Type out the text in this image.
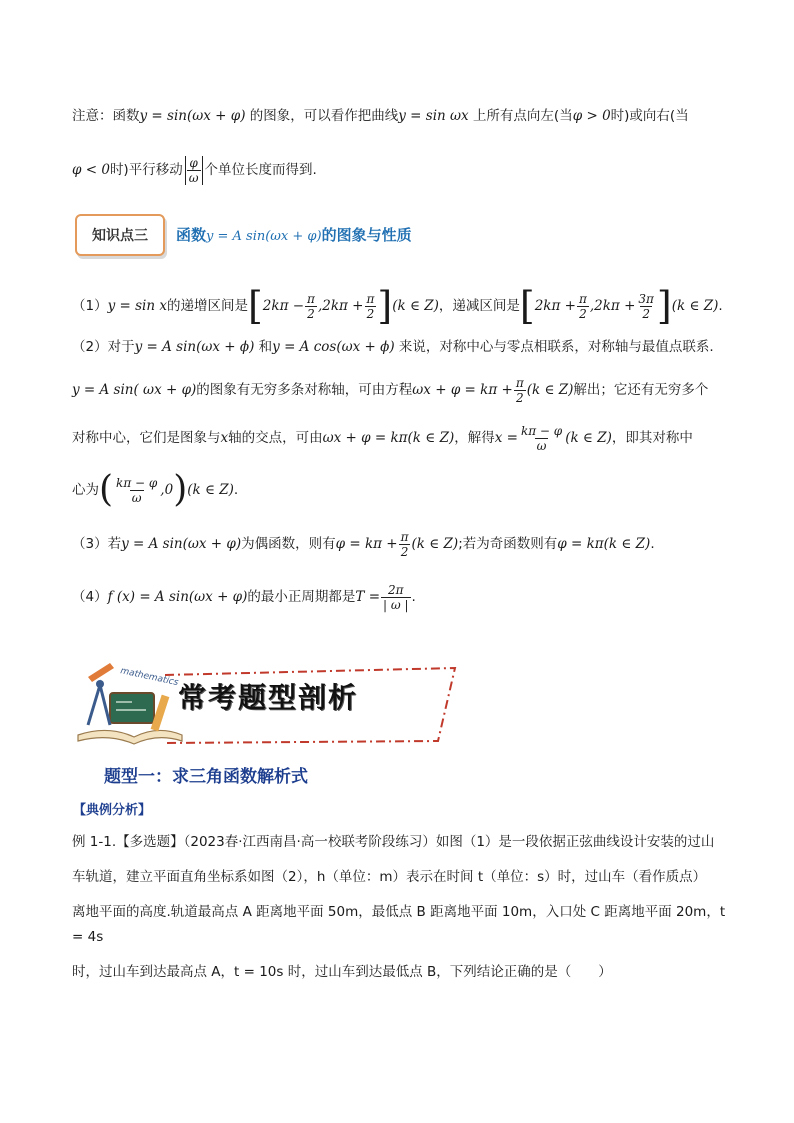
注意：函数y = sin(ωx + φ) 的图象，可以看作把曲线y = sin ωx 上所有点向左(当φ > 0时)或向右(当
φ < 0 时)平行移动 $\frac{\varphi}{\omega}$ 个单位长度而得到.
知识点三 函数y = A sin(ωx + φ)的图象与性质
（1） y = sin x 的递增区间是 [ $2k\pi - \frac{\pi}{2} ,2k\pi + \frac{\pi}{2}$ ] (k ∈ Z) ，递减区间是 [ $2k\pi + \frac{\pi}{2} ,2k\pi + \frac{3\pi}{2}$ ] (k ∈ Z) .
（2）对于y = A sin(ωx + ϕ) 和y = A cos(ωx + ϕ) 来说，对称中心与零点相联系，对称轴与最值点联系.
y = A sin( ωx + φ) 的图象有无穷多条对称轴，可由方程 $\omega x + \varphi = k\pi + \frac{\pi}{2} (k$ ∈ Z) 解出；它还有无穷多个
对称中心，它们是图象与 x 轴的交点，可由 ωx + φ = kπ(k ∈ Z) ，解得 $x = \frac{k\pi - \varphi}{\omega} (k$ ∈ Z) ，即其对称中
心为 ( $\frac{k\pi - \varphi}{\omega} ,0$ ) (k ∈ Z) .
（3）若 y = A sin(ωx + φ) 为偶函数，则有 $\varphi = k\pi + \frac{\pi}{2} (k$ ∈ Z) ;若为奇函数则有 φ = kπ(k ∈ Z) .
（4） f (x) = A sin(ωx + φ) 的最小正周期都是 $T = \frac{2\pi}{| \omega |}$ .
mathematics
常考题型剖析
题型一：求三角函数解析式
【典例分析】
例 1-1.【多选题】（2023春·江西南昌·高一校联考阶段练习）如图（1）是一段依据正弦曲线设计安装的过山
车轨道，建立平面直角坐标系如图（2），h（单位：m）表示在时间 t（单位：s）时，过山车（看作质点）
离地平面的高度.轨道最高点 A 距离地平面 50m，最低点 B 距离地平面 10m，入口处 C 距离地平面 20m，t = 4s
时，过山车到达最高点 A，t = 10s 时，过山车到达最低点 B，下列结论正确的是（　　）
